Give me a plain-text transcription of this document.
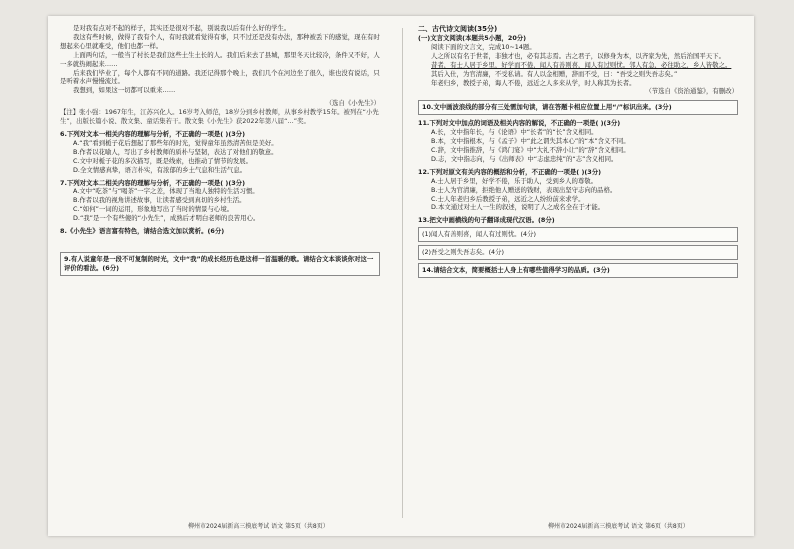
是对我有点对不起的样子，其实还是很对不起，别说我以后有什么好的学生。

我这有些时候，做得了我有个人，有时我就看觉得有事，只不过还是没有办法，那种被丢下的感觉，现在有时想起来心里就难受，他们也都一样。

上面两句话，一般当了村长是我们这些土生土长的人。我们后来去了县城，那里冬天比较冷，条件又不好，人一多就热闹起来……

后来我们毕业了，每个人都有不同的道路。我还记得那个晚上，我们几个在河边坐了很久，谁也没有说话，只是听着水声慢慢流过。

我想到，如果这一切都可以重来……

（选自《小先生》）

【注】张小强：1967年生，江苏兴化人。16岁考入师范，18岁分到乡村教师，从事乡村教学15年。被列在“小先生”，出版长篇小说、散文集、童话集若干。散文集《小先生》获2022年第八届“…”奖。

6.下列对文本一相关内容的理解与分析，不正确的一项是( )(3分)

A.“我”看到栀子花后想起了那些年的时光，觉得童年虽然清苦但是美好。

B.作者以花喻人，写出了乡村教师的质朴与坚韧，表达了对他们的敬意。

C.文中对栀子花的多次描写，既是线索，也推动了情节的发展。

D.全文情感真挚，语言朴实，有浓郁的乡土气息和生活气息。

7.下列对文本二相关内容的理解与分析，不正确的一项是( )(3分)

A.文中“吃茶”与“喝茶”一字之差，体现了当地人独特的生活习惯。

B.作者以我的视角讲述故事，让读者感受到真切的乡村生活。

C.“如何”一词的运用，形象地写出了当时的情景与心境。

D.“我”是一个有些傻的“小先生”，成熟后才明白老师的良苦用心。

8.《小先生》语言富有特色，请结合选文加以赏析。(6分)

9.有人说童年是一段不可复制的时光，文中“我”的成长经历也是这样一首温暖的歌。请结合文本谈谈你对这一评价的看法。(6分)

二、古代诗文阅读(35分)

(一)文言文阅读(本题共5小题，20分)

阅读下面的文言文，完成10~14题。

人之所以有名于世者，非独才也，必有其志焉。古之君子，以修身为本，以齐家为先，然后治国平天下。

昔者，有士人居于乡里，好学而不倦，闻人有善则喜，闻人有过则忧。邻人有急，必往助之，乡人皆敬之。

其后入仕，为官清廉，不受私请。有人以金相赠，辞而不受，曰：“吾受之则失吾志矣。”

年老归乡，教授子弟，诲人不倦，远近之人多来从学，时人称其为长者。

（节选自《资治通鉴》，有删改）

10.文中画波浪线的部分有三处需加句读，请在答题卡相应位置上用“/”标识出来。(3分)

11.下列对文中加点的词语及相关内容的解说，不正确的一项是( )(3分)

A.长，文中指年长，与《论语》中“长者”的“长”含义相同。

B.本，文中指根本，与《孟子》中“此之谓失其本心”的“本”含义不同。

C.辞，文中指推辞，与《鸿门宴》中“大礼不辞小让”的“辞”含义相同。

D.志，文中指志向，与《出师表》中“志虑忠纯”的“志”含义相同。

12.下列对原文有关内容的概括和分析，不正确的一项是( )(3分)

A.士人居于乡里，好学不倦，乐于助人，受到乡人的尊敬。

B.士人为官清廉，拒绝他人赠送的钱财，表现出坚守志向的品格。

C.士人年老归乡后教授子弟，远近之人纷纷前来求学。

D.本文通过对士人一生的叙述，说明了人之成名全在于才能。

13.把文中画横线的句子翻译成现代汉语。(8分)

(1)闻人有善则喜，闻人有过则忧。(4分)

(2)吾受之则失吾志矣。(4分)

14.请结合文本，简要概括士人身上有哪些值得学习的品质。(3分)

柳州市2024届新高三摸底考试 语文 第5页（共8页）	柳州市2024届新高三摸底考试 语文 第6页（共8页）
